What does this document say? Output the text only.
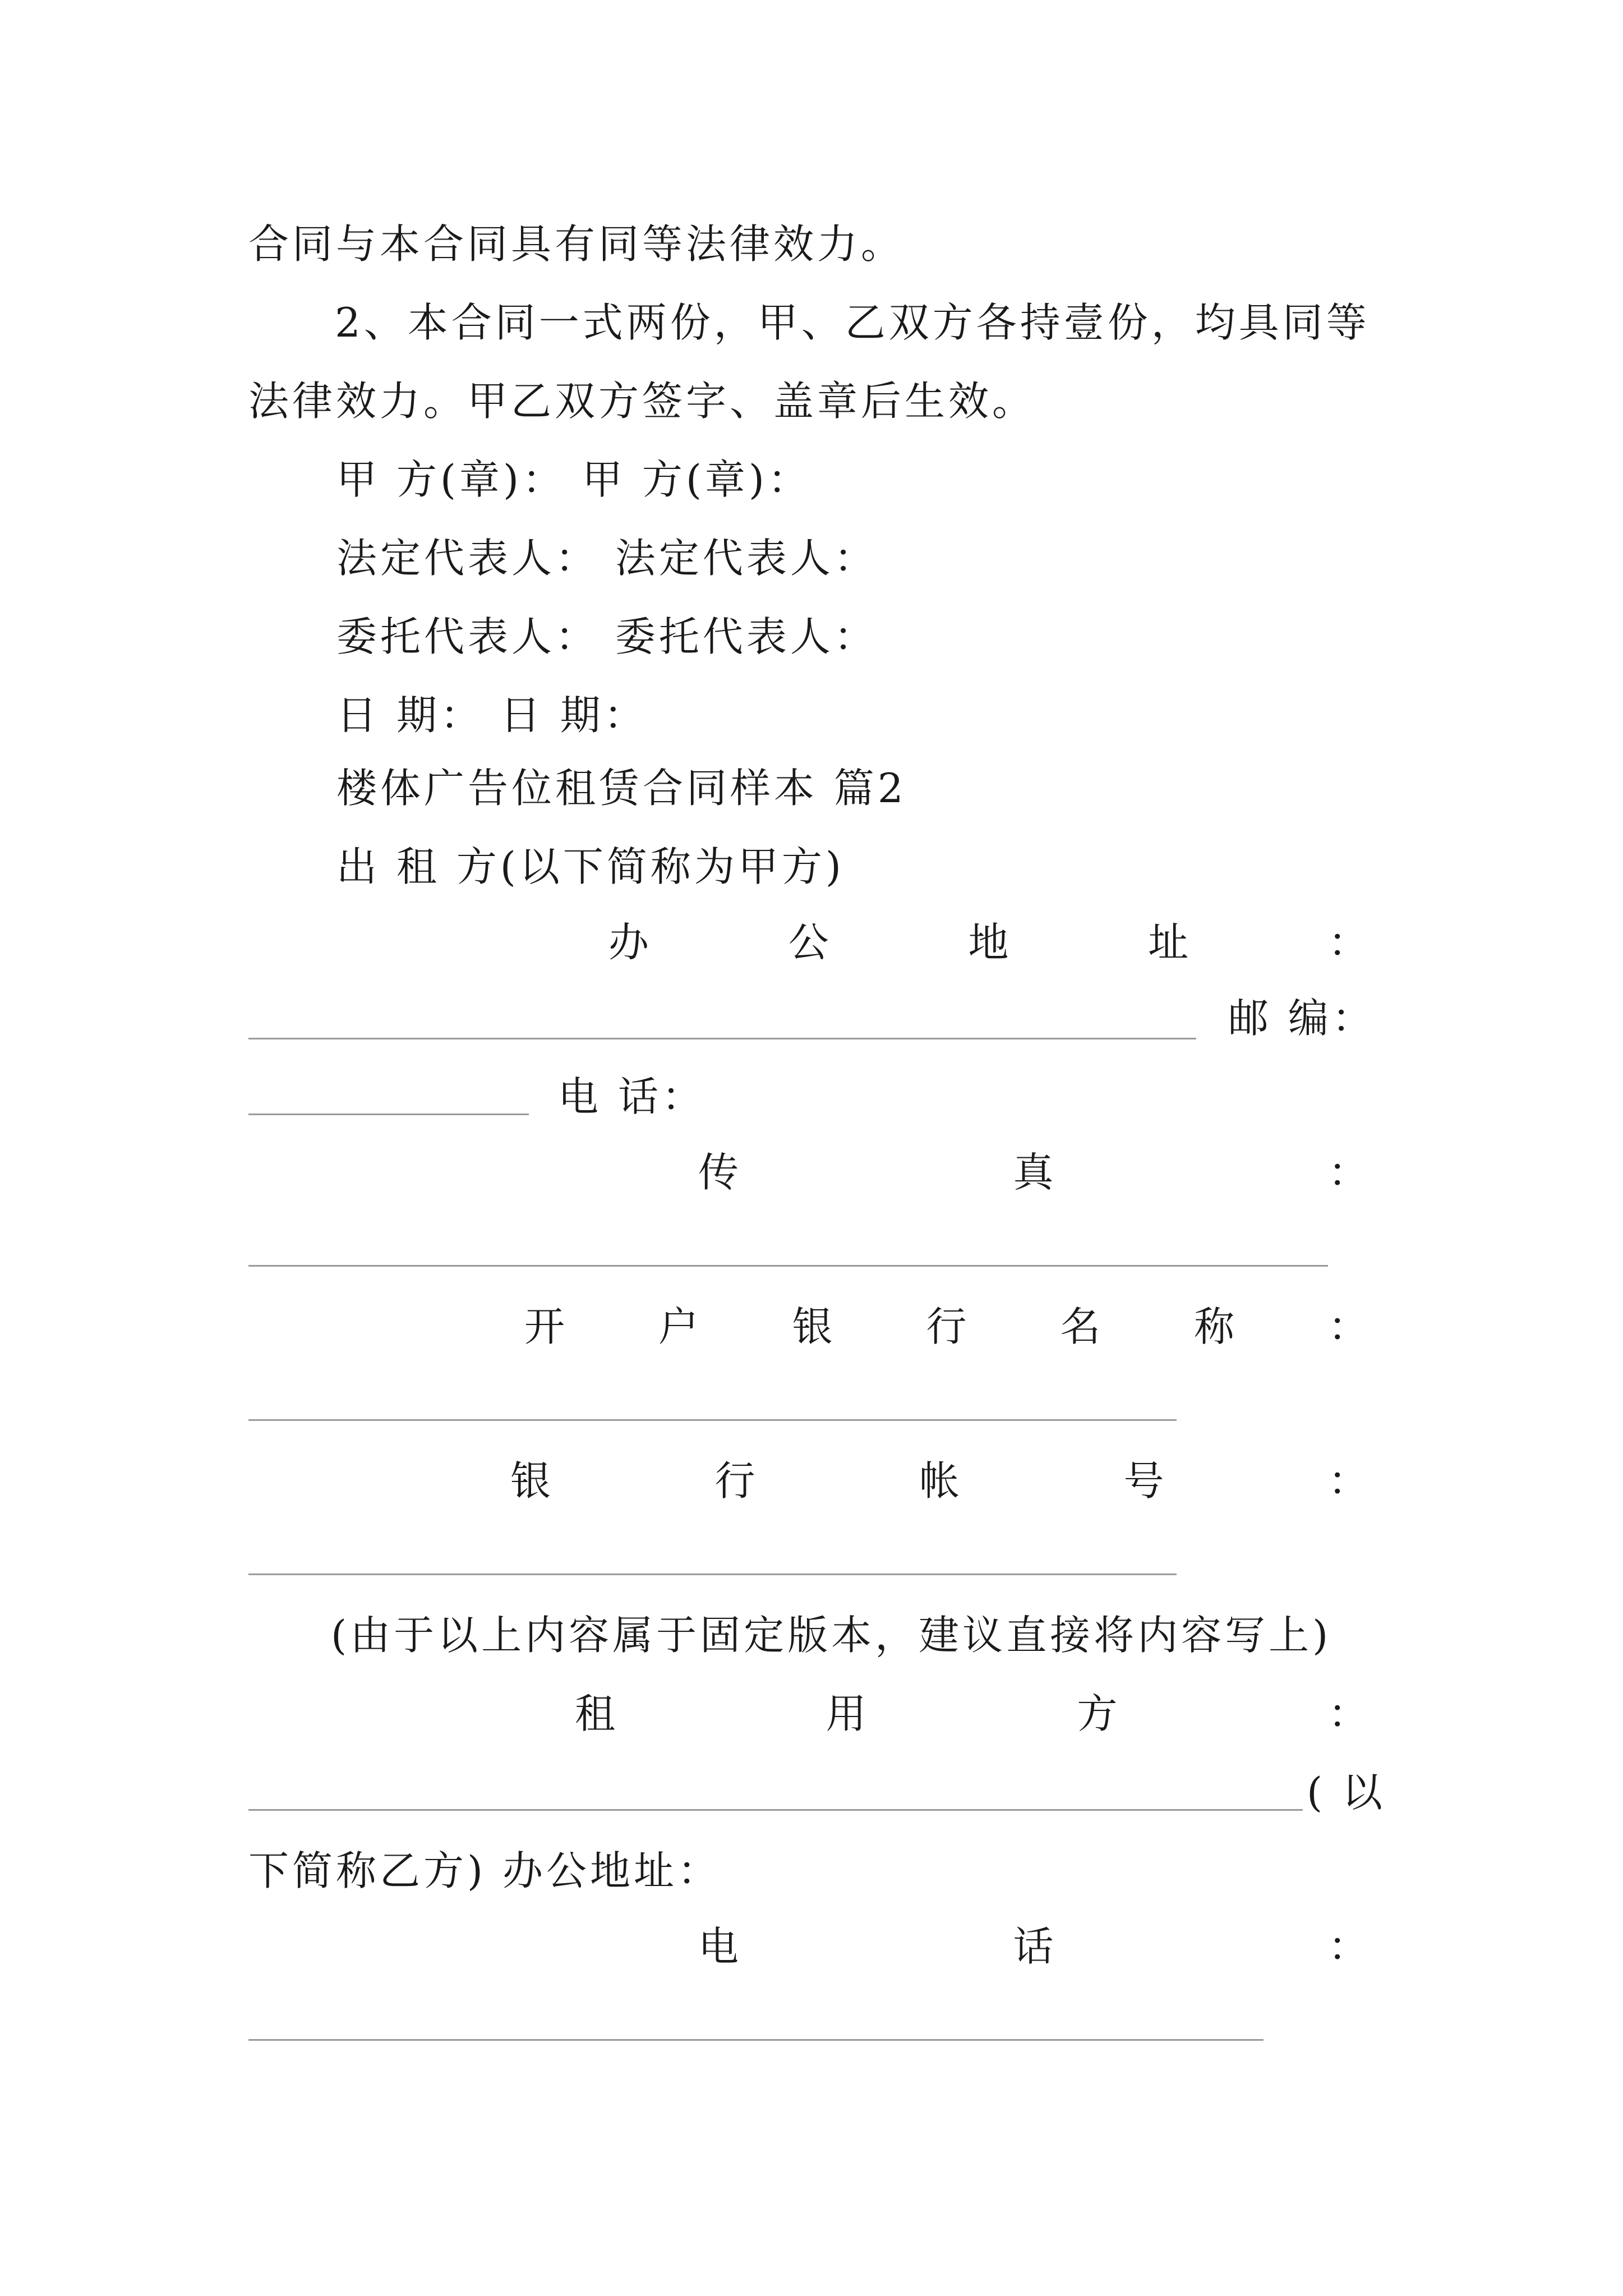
合同与本合同具有同等法律效力。
2、本合同一式两份，甲、乙双方各持壹份，均具同等
法律效力。甲乙双方签字、盖章后生效。
甲 方(章)： 甲 方(章)：
法定代表人： 法定代表人：
委托代表人： 委托代表人：
日 期： 日 期：
楼体广告位租赁合同样本 篇2
出 租 方(以下简称为甲方)
办	公	地	址	：
邮 编：
电 话：
传	真	：
开 户 银 行 名 称 ：
银	行	帐	号	：
(由于以上内容属于固定版本，建议直接将内容写上)
租	用	方	：
( 以
下简称乙方) 办公地址：
电	话	：
